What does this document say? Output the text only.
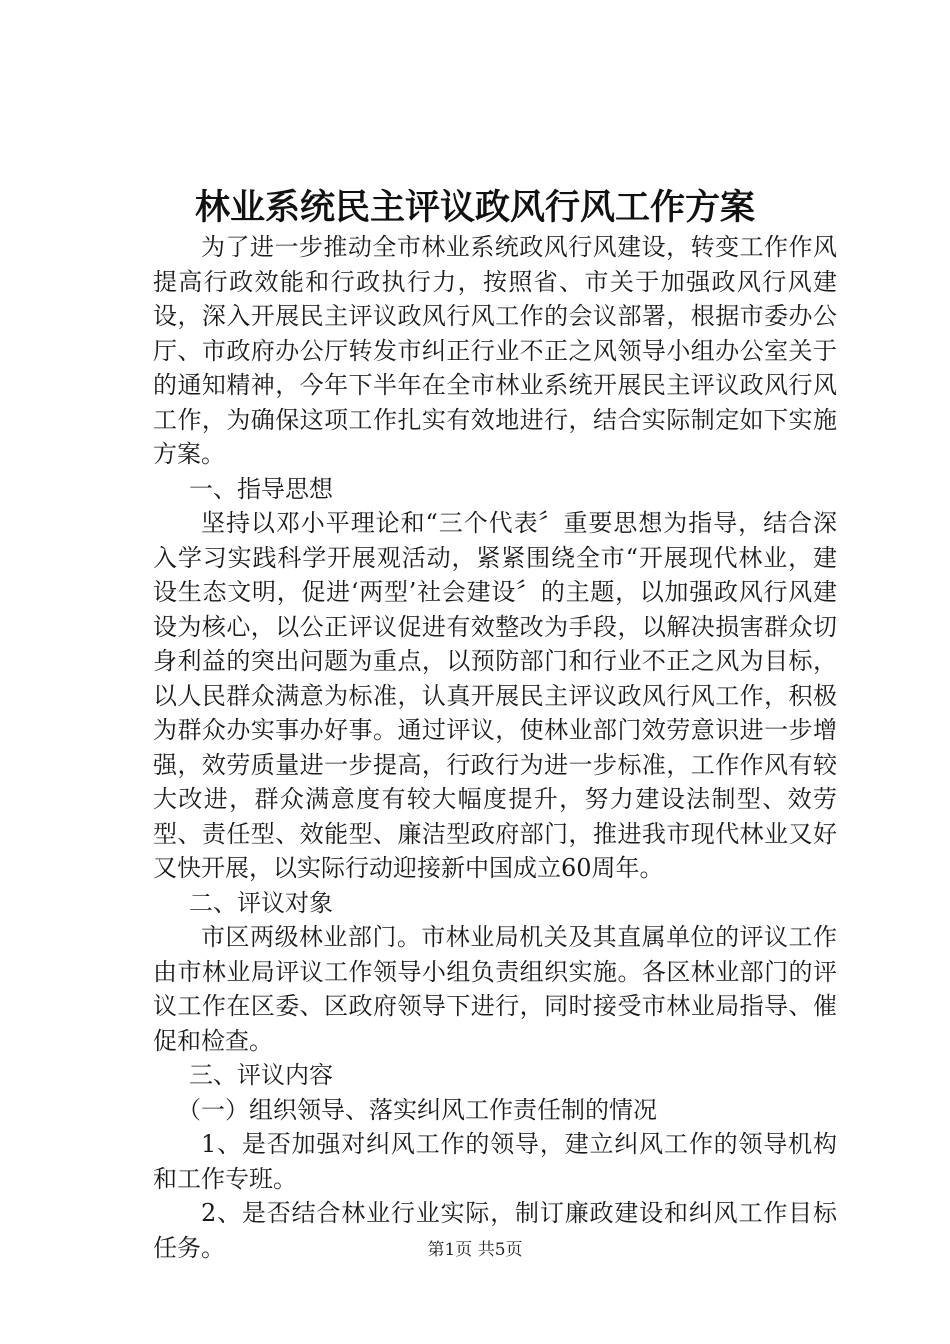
林业系统民主评议政风行风工作方案

为了进一步推动全市林业系统政风行风建设，转变工作作风提高行政效能和行政执行力，按照省、市关于加强政风行风建设，深入开展民主评议政风行风工作的会议部署，根据市委办公厅、市政府办公厅转发市纠正行业不正之风领导小组办公室关于的通知精神，今年下半年在全市林业系统开展民主评议政风行风工作，为确保这项工作扎实有效地进行，结合实际制定如下实施方案。

一、指导思想

坚持以邓小平理论和“三个代表〞重要思想为指导，结合深入学习实践科学开展观活动，紧紧围绕全市“开展现代林业，建设生态文明，促进‘两型’社会建设〞的主题，以加强政风行风建设为核心，以公正评议促进有效整改为手段，以解决损害群众切身利益的突出问题为重点，以预防部门和行业不正之风为目标，以人民群众满意为标准，认真开展民主评议政风行风工作，积极为群众办实事办好事。通过评议，使林业部门效劳意识进一步增强，效劳质量进一步提高，行政行为进一步标准，工作作风有较大改进，群众满意度有较大幅度提升，努力建设法制型、效劳型、责任型、效能型、廉洁型政府部门，推进我市现代林业又好又快开展，以实际行动迎接新中国成立60周年。

二、评议对象

市区两级林业部门。市林业局机关及其直属单位的评议工作由市林业局评议工作领导小组负责组织实施。各区林业部门的评议工作在区委、区政府领导下进行，同时接受市林业局指导、催促和检查。

三、评议内容

（一）组织领导、落实纠风工作责任制的情况

1、是否加强对纠风工作的领导，建立纠风工作的领导机构和工作专班。

2、是否结合林业行业实际，制订廉政建设和纠风工作目标任务。	第1页 共5页
